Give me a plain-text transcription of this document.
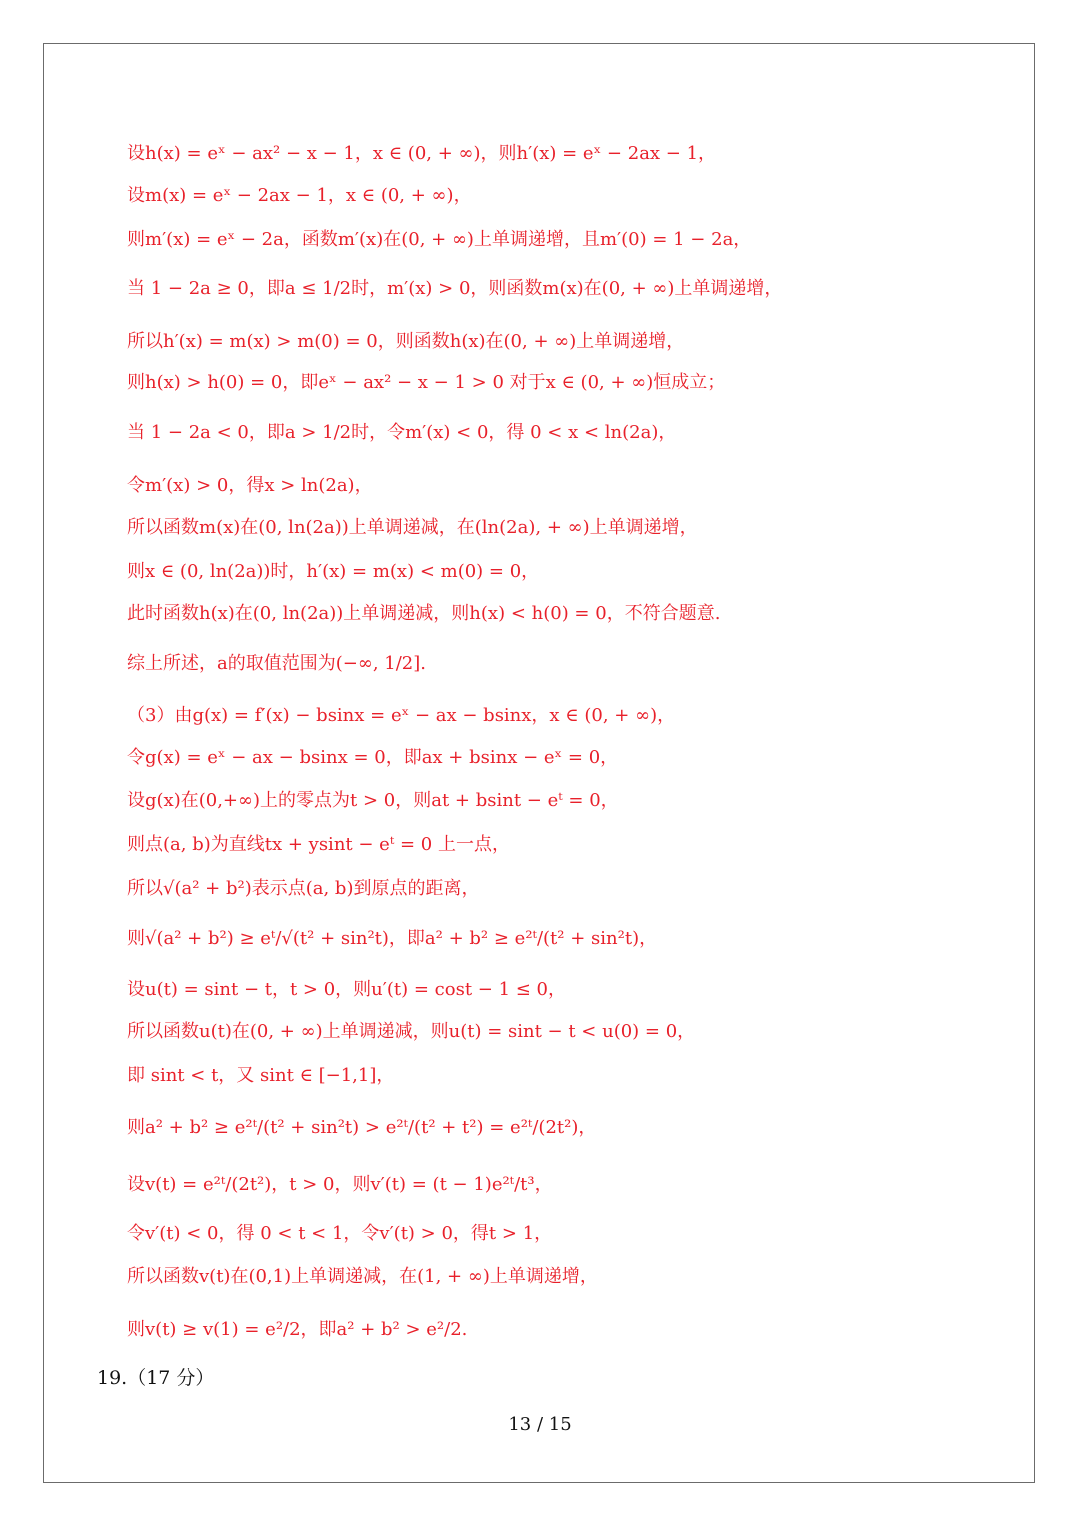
设h(x) = eˣ − ax² − x − 1，x ∈ (0, + ∞)，则h′(x) = eˣ − 2ax − 1，
设m(x) = eˣ − 2ax − 1，x ∈ (0, + ∞)，
则m′(x) = eˣ − 2a，函数m′(x)在(0, + ∞)上单调递增，且m′(0) = 1 − 2a，
当 1 − 2a ≥ 0，即a ≤ 1/2时，m′(x) > 0，则函数m(x)在(0, + ∞)上单调递增，
所以h′(x) = m(x) > m(0) = 0，则函数h(x)在(0, + ∞)上单调递增，
则h(x) > h(0) = 0，即eˣ − ax² − x − 1 > 0 对于x ∈ (0, + ∞)恒成立；
当 1 − 2a < 0，即a > 1/2时，令m′(x) < 0，得 0 < x < ln(2a)，
令m′(x) > 0，得x > ln(2a)，
所以函数m(x)在(0, ln(2a))上单调递减，在(ln(2a), + ∞)上单调递增，
则x ∈ (0, ln(2a))时，h′(x) = m(x) < m(0) = 0，
此时函数h(x)在(0, ln(2a))上单调递减，则h(x) < h(0) = 0，不符合题意.
综上所述，a的取值范围为(−∞, 1/2].
（3）由g(x) = f′(x) − bsinx = eˣ − ax − bsinx，x ∈ (0, + ∞)，
令g(x) = eˣ − ax − bsinx = 0，即ax + bsinx − eˣ = 0，
设g(x)在(0,+∞)上的零点为t > 0，则at + bsint − eᵗ = 0，
则点(a, b)为直线tx + ysint − eᵗ = 0 上一点，
所以√(a² + b²)表示点(a, b)到原点的距离，
则√(a² + b²) ≥ eᵗ/√(t² + sin²t)，即a² + b² ≥ e²ᵗ/(t² + sin²t)，
设u(t) = sint − t，t > 0，则u′(t) = cost − 1 ≤ 0，
所以函数u(t)在(0, + ∞)上单调递减，则u(t) = sint − t < u(0) = 0，
即 sint < t，又 sint ∈ [−1,1]，
则a² + b² ≥ e²ᵗ/(t² + sin²t) > e²ᵗ/(t² + t²) = e²ᵗ/(2t²)，
设v(t) = e²ᵗ/(2t²)，t > 0，则v′(t) = (t − 1)e²ᵗ/t³，
令v′(t) < 0，得 0 < t < 1，令v′(t) > 0，得t > 1，
所以函数v(t)在(0,1)上单调递减，在(1, + ∞)上单调递增，
则v(t) ≥ v(1) = e²/2，即a² + b² > e²/2.
19.（17 分）
13 / 15
